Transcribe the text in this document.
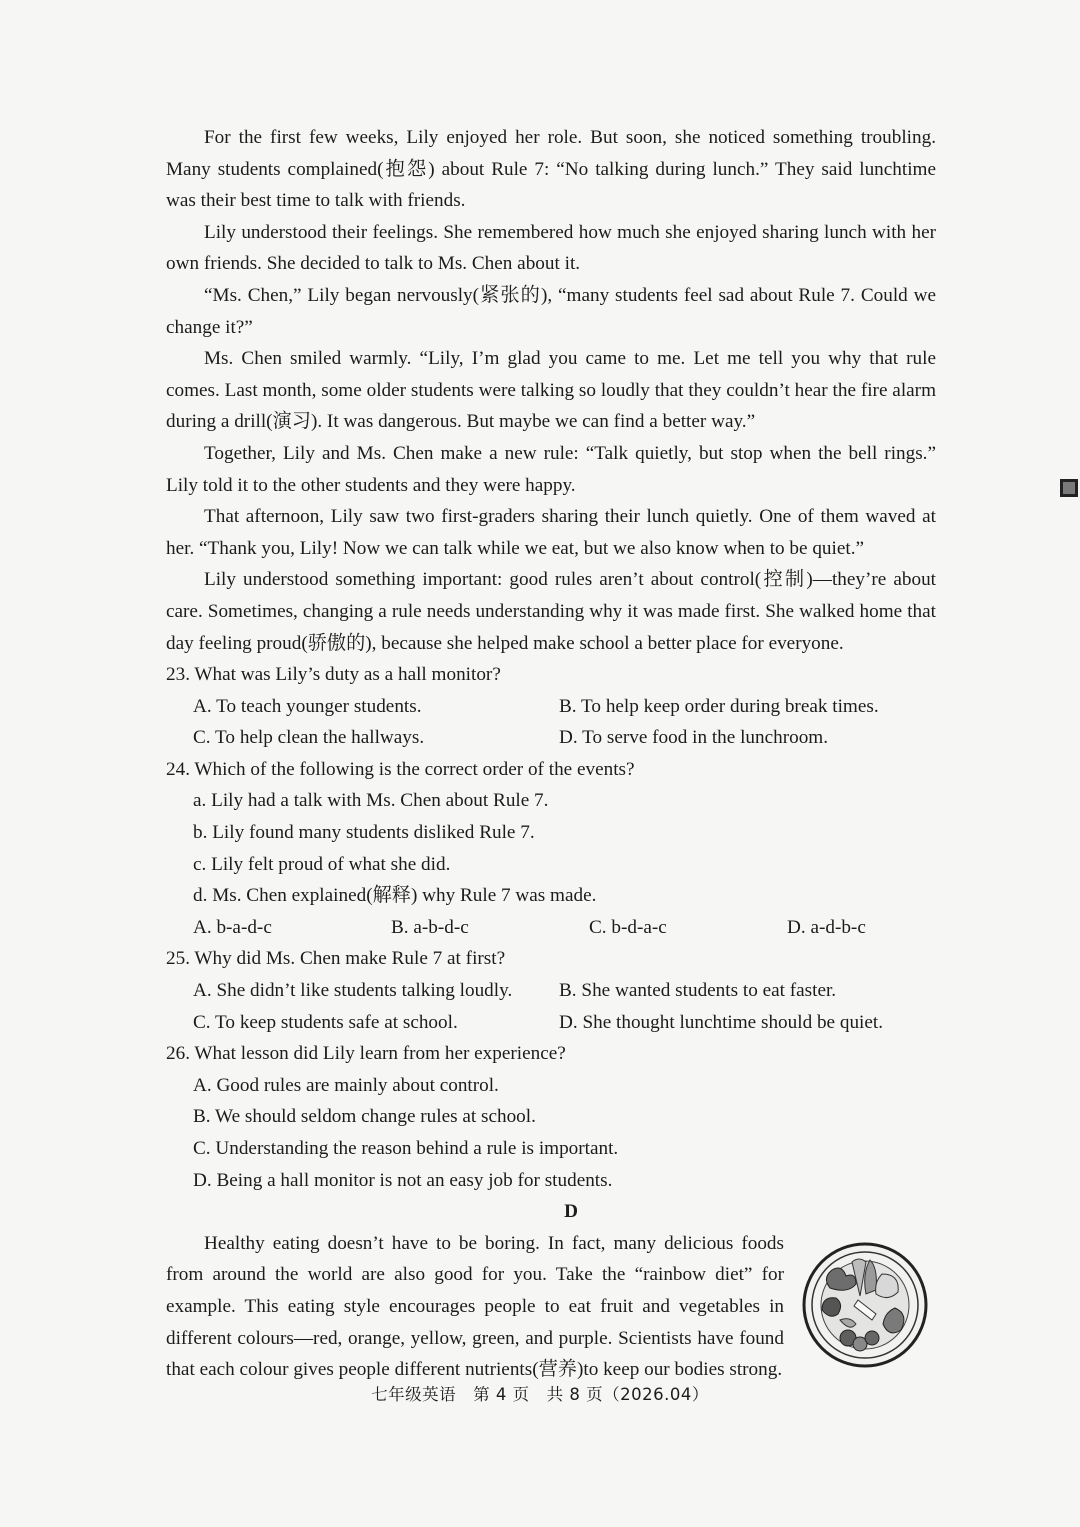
For the first few weeks, Lily enjoyed her role. But soon, she noticed something troubling. Many students complained(抱怨) about Rule 7: “No talking during lunch.” They said lunchtime was their best time to talk with friends.

Lily understood their feelings. She remembered how much she enjoyed sharing lunch with her own friends. She decided to talk to Ms. Chen about it.

“Ms. Chen,” Lily began nervously(紧张的), “many students feel sad about Rule 7. Could we change it?”

Ms. Chen smiled warmly. “Lily, I’m glad you came to me. Let me tell you why that rule comes. Last month, some older students were talking so loudly that they couldn’t hear the fire alarm during a drill(演习). It was dangerous. But maybe we can find a better way.”

Together, Lily and Ms. Chen make a new rule: “Talk quietly, but stop when the bell rings.” Lily told it to the other students and they were happy.

That afternoon, Lily saw two first-graders sharing their lunch quietly. One of them waved at her. “Thank you, Lily! Now we can talk while we eat, but we also know when to be quiet.”

Lily understood something important: good rules aren’t about control(控制)—they’re about care. Sometimes, changing a rule needs understanding why it was made first. She walked home that day feeling proud(骄傲的), because she helped make school a better place for everyone.

23. What was Lily’s duty as a hall monitor?

A. To teach younger students.	B. To help keep order during break times.
C. To help clean the hallways.	D. To serve food in the lunchroom.

24. Which of the following is the correct order of the events?

a. Lily had a talk with Ms. Chen about Rule 7.
b. Lily found many students disliked Rule 7.
c. Lily felt proud of what she did.
d. Ms. Chen explained(解释) why Rule 7 was made.
A. b-a-d-c	B. a-b-d-c	C. b-d-a-c	D. a-d-b-c

25. Why did Ms. Chen make Rule 7 at first?

A. She didn’t like students talking loudly.	B. She wanted students to eat faster.
C. To keep students safe at school.	D. She thought lunchtime should be quiet.

26. What lesson did Lily learn from her experience?

A. Good rules are mainly about control.
B. We should seldom change rules at school.
C. Understanding the reason behind a rule is important.
D. Being a hall monitor is not an easy job for students.
D

Healthy eating doesn’t have to be boring. In fact, many delicious foods from around the world are also good for you. Take the “rainbow diet” for example. This eating style encourages people to eat fruit and vegetables in different colours—red, orange, yellow, green, and purple. Scientists have found that each colour gives people different nutrients(营养)to keep our bodies strong.

七年级英语　第 4 页　共 8 页（2026.04）
